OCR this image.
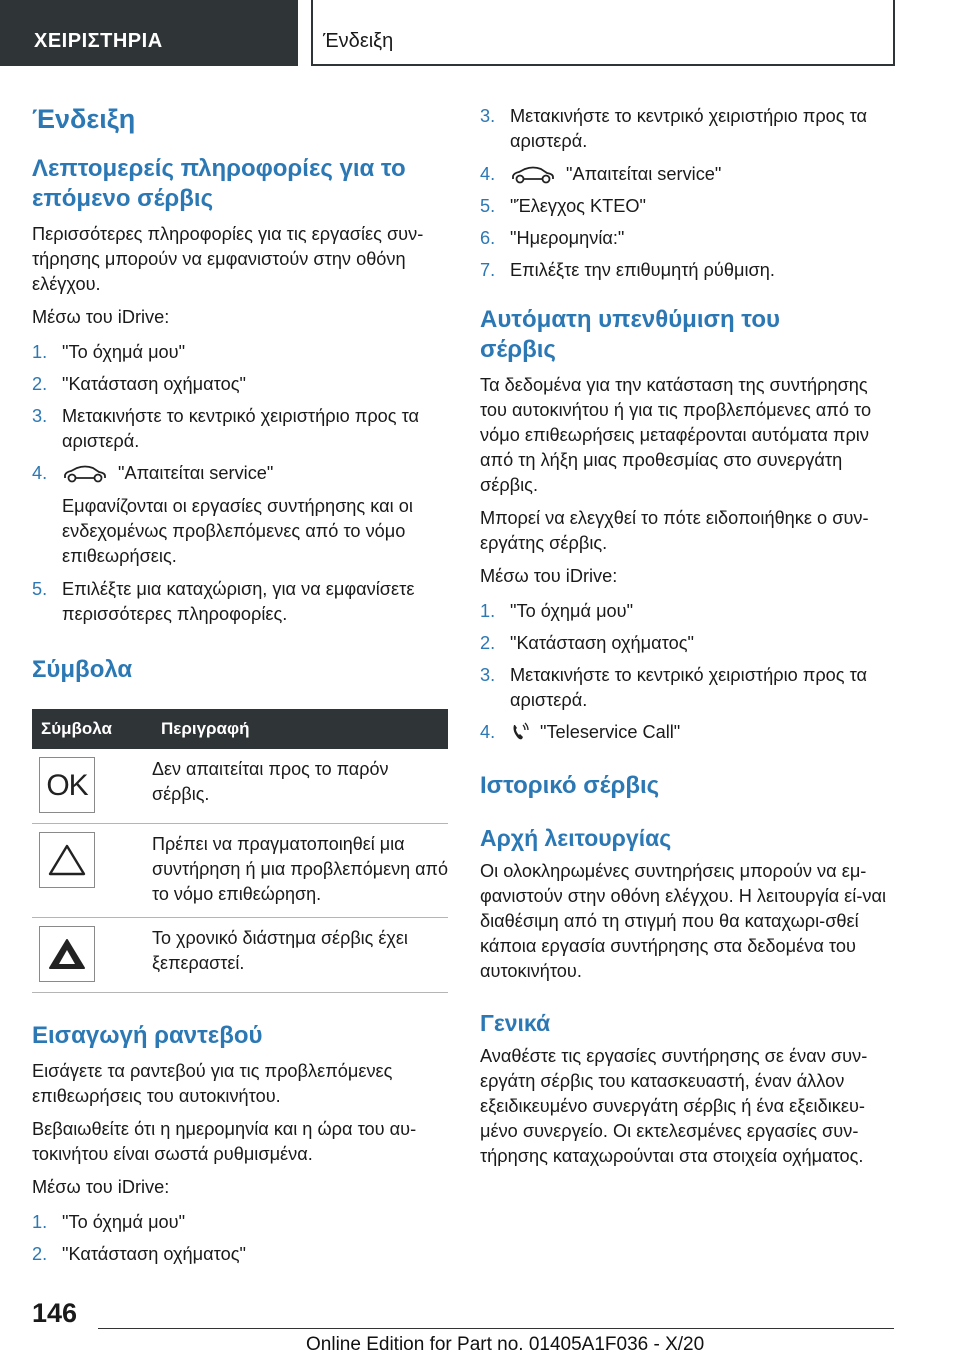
ΧΕΙΡΙΣΤΗΡΙΑ	Ένδειξη
Ένδειξη
Λεπτομερείς πληροφορίες για το επόμενο σέρβις
Περισσότερες πληροφορίες για τις εργασίες συν-τήρησης μπορούν να εμφανιστούν στην οθόνη ελέγχου.
Μέσω του iDrive:
1. "Το όχημά μου"
2. "Κατάσταση οχήματος"
3. Μετακινήστε το κεντρικό χειριστήριο προς τα αριστερά.
4.	"Απαιτείται service"
Εμφανίζονται οι εργασίες συντήρησης και οι ενδεχομένως προβλεπόμενες από το νόμο επιθεωρήσεις.
5. Επιλέξτε μια καταχώριση, για να εμφανίσετε περισσότερες πληροφορίες.
Σύμβολα
Σύμβολα	Περιγραφή

OK	Δεν απαιτείται προς το παρόν σέρβις.

	Πρέπει να πραγματοποιηθεί μια συντήρηση ή μια προβλεπόμενη από το νόμο επιθεώρηση.

	Το χρονικό διάστημα σέρβις έχει ξεπεραστεί.
Εισαγωγή ραντεβού
Εισάγετε τα ραντεβού για τις προβλεπόμενες επιθεωρήσεις του αυτοκινήτου.
Βεβαιωθείτε ότι η ημερομηνία και η ώρα του αυ-τοκινήτου είναι σωστά ρυθμισμένα.
Μέσω του iDrive:
1. "Το όχημά μου"
2. "Κατάσταση οχήματος"
3. Μετακινήστε το κεντρικό χειριστήριο προς τα αριστερά.
4.	"Απαιτείται service"
5. "Έλεγχος ΚΤΕΟ"
6. "Ημερομηνία:"
7. Επιλέξτε την επιθυμητή ρύθμιση.
Αυτόματη υπενθύμιση του σέρβις
Τα δεδομένα για την κατάσταση της συντήρησης του αυτοκινήτου ή για τις προβλεπόμενες από το νόμο επιθεωρήσεις μεταφέρονται αυτόματα πριν από τη λήξη μιας προθεσμίας στο συνεργάτη σέρβις.
Μπορεί να ελεγχθεί το πότε ειδοποιήθηκε ο συν-εργάτης σέρβις.
Μέσω του iDrive:
1. "Το όχημά μου"
2. "Κατάσταση οχήματος"
3. Μετακινήστε το κεντρικό χειριστήριο προς τα αριστερά.
4. "Teleservice Call"
Ιστορικό σέρβις
Αρχή λειτουργίας
Οι ολοκληρωμένες συντηρήσεις μπορούν να εμ-φανιστούν στην οθόνη ελέγχου. Η λειτουργία εί-ναι διαθέσιμη από τη στιγμή που θα καταχωρι-σθεί κάποια εργασία συντήρησης στα δεδομένα του αυτοκινήτου.
Γενικά
Αναθέστε τις εργασίες συντήρησης σε έναν συν-εργάτη σέρβις του κατασκευαστή, έναν άλλον εξειδικευμένο συνεργάτη σέρβις ή ένα εξειδικευ-μένο συνεργείο. Οι εκτελεσμένες εργασίες συν-τήρησης καταχωρούνται στα στοιχεία οχήματος.
146
Online Edition for Part no. 01405A1F036 - X/20
